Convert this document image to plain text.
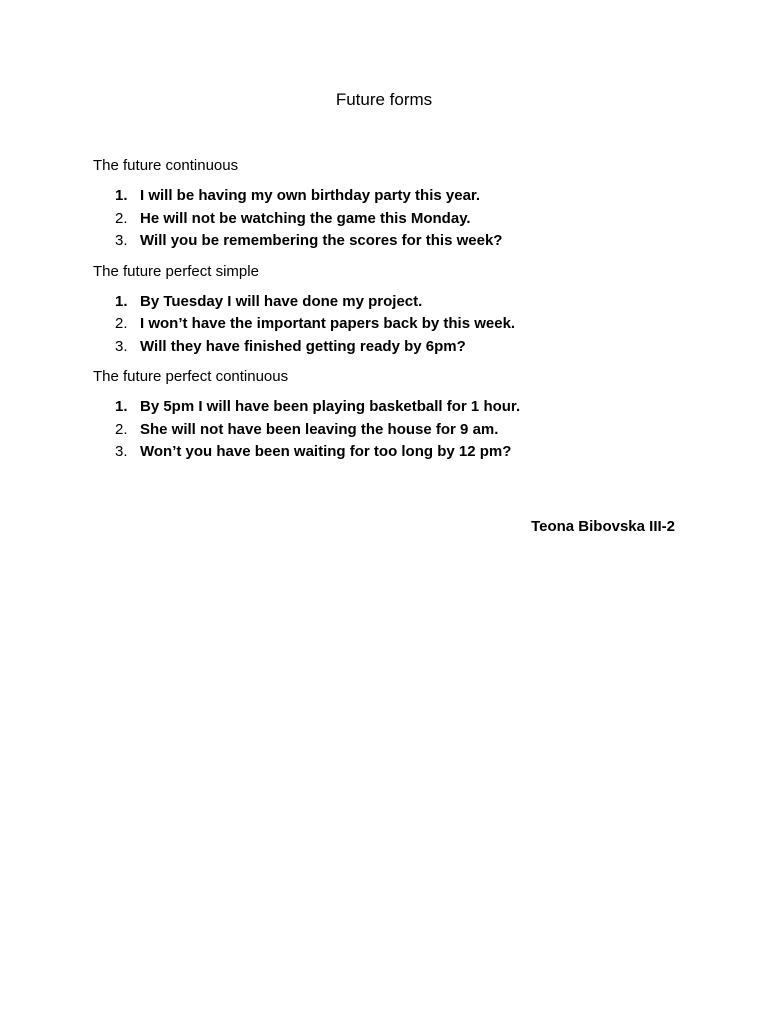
Future forms

The future continuous

1. I will be having my own birthday party this year.
2. He will not be watching the game this Monday.
3. Will you be remembering the scores for this week?

The future perfect simple

1. By Tuesday I will have done my project.
2. I won’t have the important papers back by this week.
3. Will they have finished getting ready by 6pm?

The future perfect continuous

1. By 5pm I will have been playing basketball for 1 hour.
2. She will not have been leaving the house for 9 am.
3. Won’t you have been waiting for too long by 12 pm?
Teona Bibovska III-2
